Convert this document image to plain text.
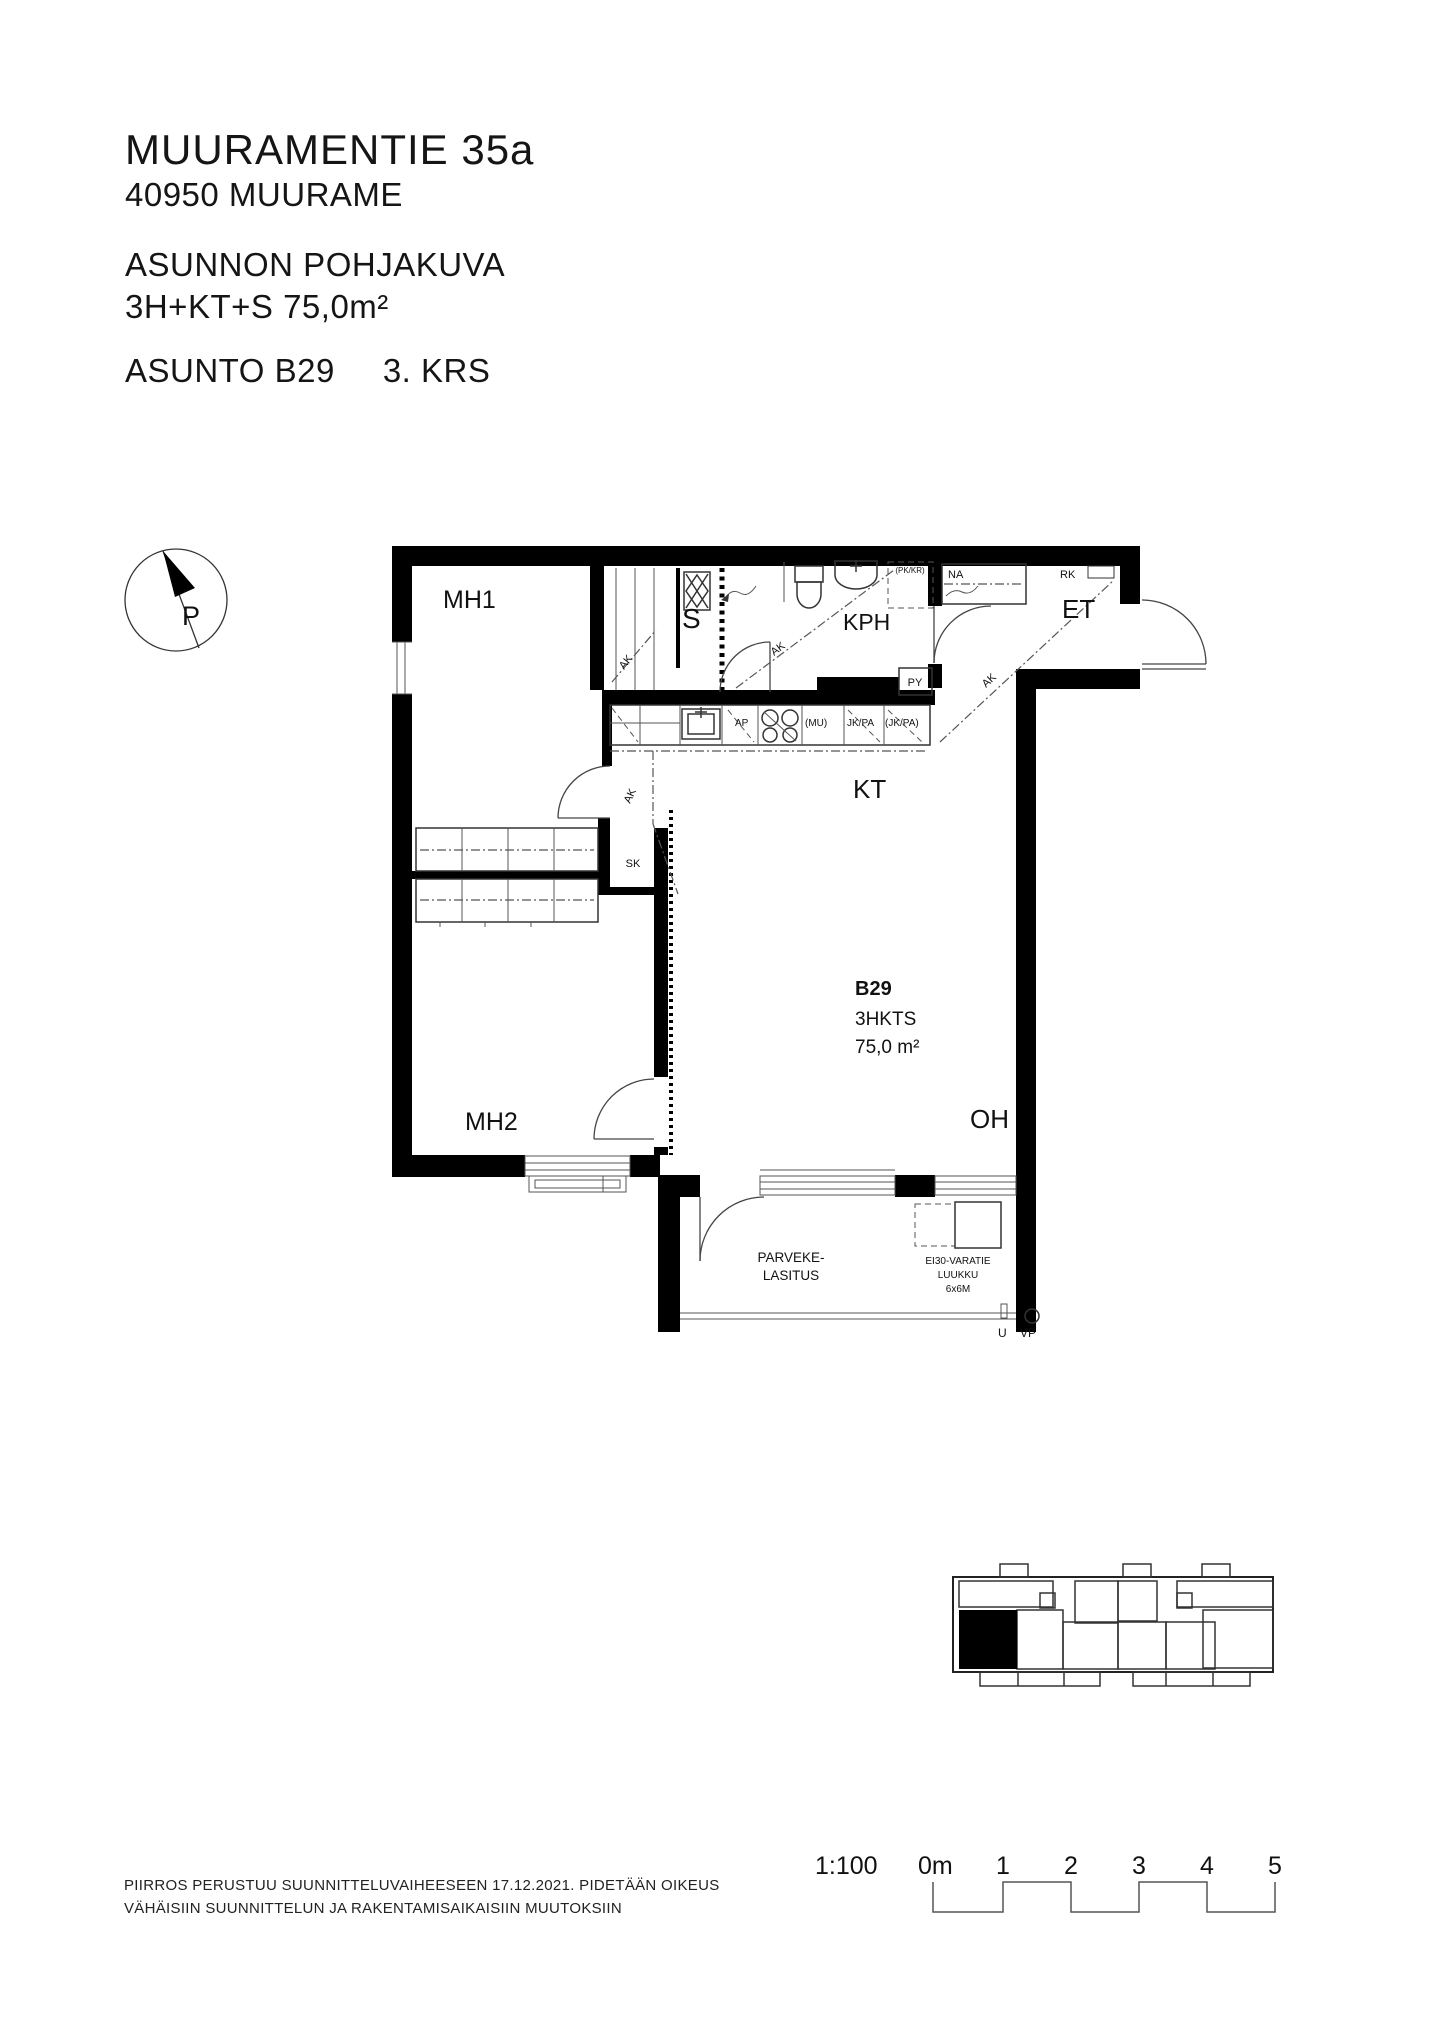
MUURAMENTIE 35a
40950 MUURAME
ASUNNON POHJAKUVA
3H+KT+S 75,0m²
ASUNTO B29 3. KRS
P
AK
AK
AK
AK
S
(PK/KR)
PY
NA	RK
AP	(MU) JK/PA (JK/PA)
SK
PARVEKE-
LASITUS
EI30-VARATIE
LUUKKU
6x6M
U VP
MH1
MH2
KT
OH
ET
KPH
B29
3HKTS
75,0 m²
1:100 0m 1 2 3 4 5
PIIRROS PERUSTUU SUUNNITTELUVAIHEESEEN 17.12.2021. PIDETÄÄN OIKEUS
VÄHÄISIIN SUUNNITTELUN JA RAKENTAMISAIKAISIIN MUUTOKSIIN
